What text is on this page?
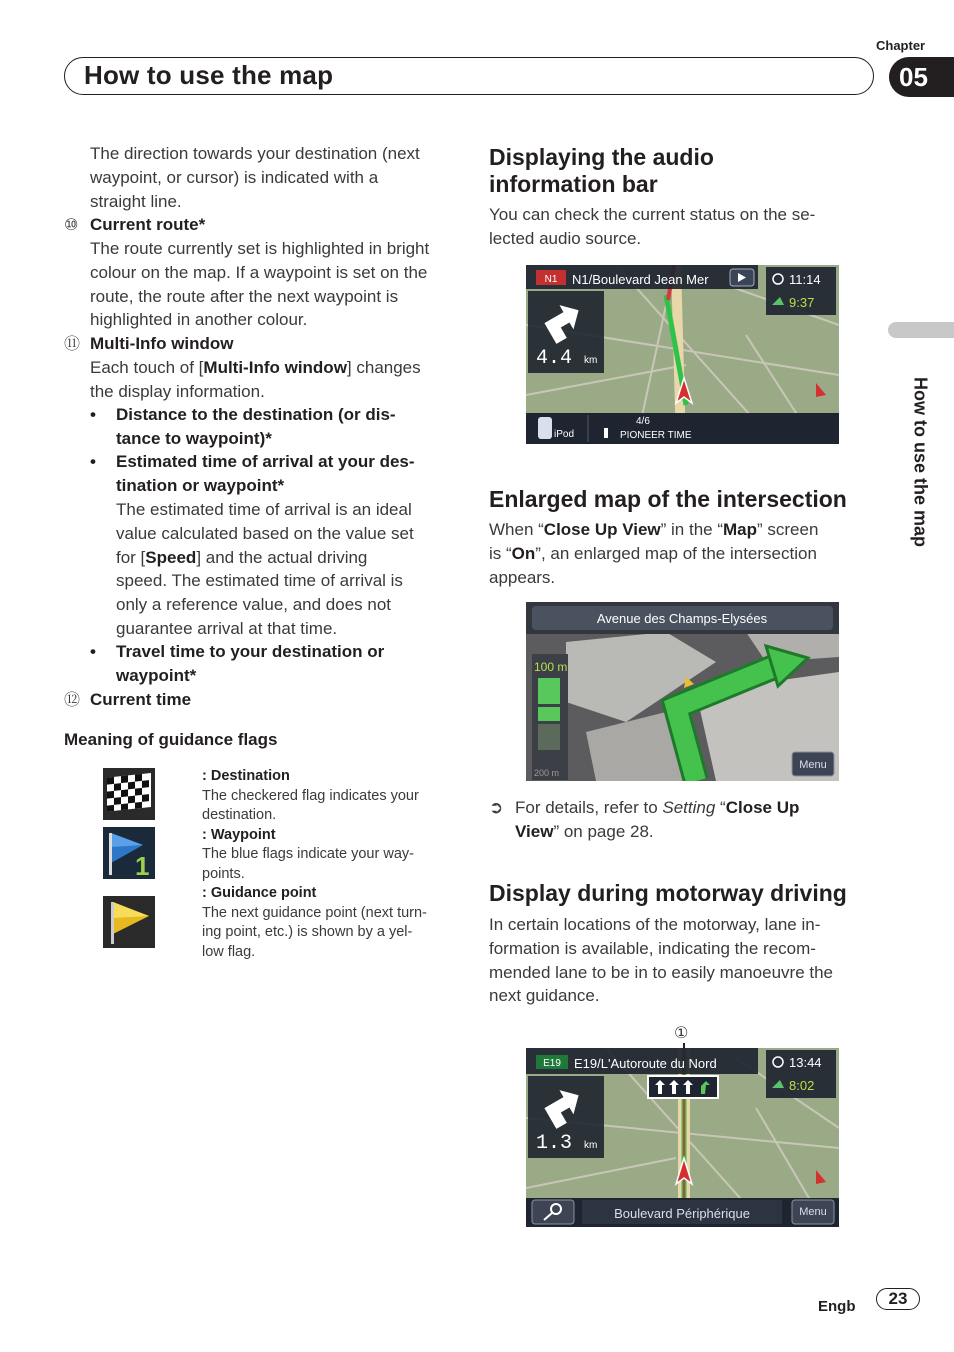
Chapter
How to use the map	05
How to use the map

The direction towards your destination (next

waypoint, or cursor) is indicated with a

straight line.

⑩ Current route*

The route currently set is highlighted in bright

colour on the map. If a waypoint is set on the

route, the route after the next waypoint is

highlighted in another colour.

⑪ Multi-Info window

Each touch of [Multi-Info window] changes

the display information.

• Distance to the destination (or dis-

tance to waypoint)*

• Estimated time of arrival at your des-

tination or waypoint*

The estimated time of arrival is an ideal

value calculated based on the value set

for [Speed] and the actual driving

speed. The estimated time of arrival is

only a reference value, and does not

guarantee arrival at that time.

• Travel time to your destination or

waypoint*

⑫ Current time
Meaning of guidance flags
1

: Destination

The checkered flag indicates your

destination.

: Waypoint

The blue flags indicate your way-

points.

: Guidance point

The next guidance point (next turn-

ing point, etc.) is shown by a yel-

low flag.

Displaying the audio

information bar

You can check the current status on the se-

lected audio source.

N1 N1/Boulevard Jean Mer	11:14
9:37
4.4 km
iPod
4/6
PIONEER TIME
Enlarged map of the intersection

When “Close Up View” in the “Map” screen

is “On”, an enlarged map of the intersection

appears.

Avenue des Champs-Elysées
100 m
200 m
Menu
➲ For details, refer to Setting “Close Up

View” on page 28.

Display during motorway driving

In certain locations of the motorway, lane in-

formation is available, indicating the recom-

mended lane to be in to easily manoeuvre the

next guidance.

①
E19 E19/L'Autoroute du Nord	13:44
8:02
1.3 km
Boulevard Périphérique	Menu
Engb	23
